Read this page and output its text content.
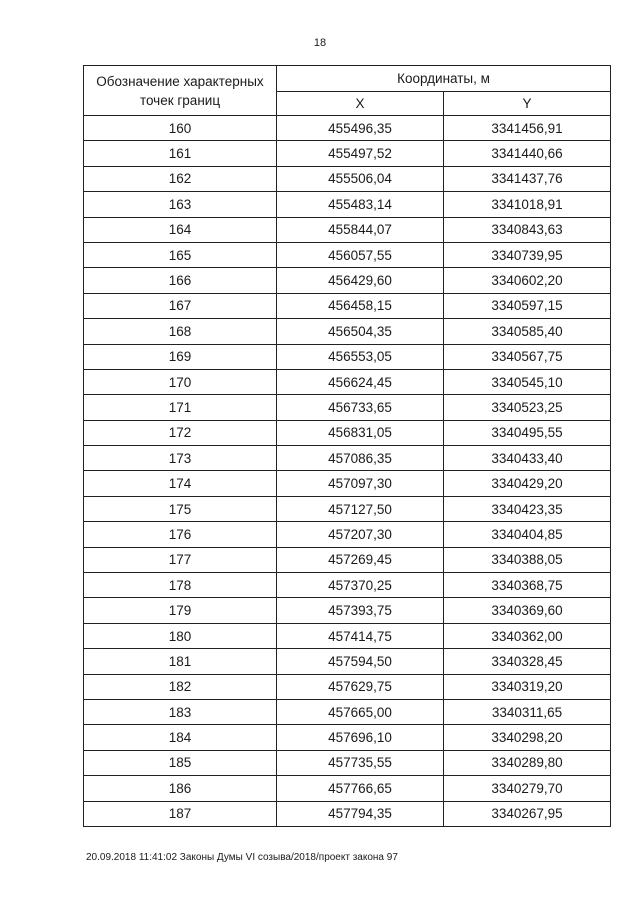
18
Обозначение характерных точек границ	Координаты, м	
	X	Y
160	455496,35	3341456,91
161	455497,52	3341440,66
162	455506,04	3341437,76
163	455483,14	3341018,91
164	455844,07	3340843,63
165	456057,55	3340739,95
166	456429,60	3340602,20
167	456458,15	3340597,15
168	456504,35	3340585,40
169	456553,05	3340567,75
170	456624,45	3340545,10
171	456733,65	3340523,25
172	456831,05	3340495,55
173	457086,35	3340433,40
174	457097,30	3340429,20
175	457127,50	3340423,35
176	457207,30	3340404,85
177	457269,45	3340388,05
178	457370,25	3340368,75
179	457393,75	3340369,60
180	457414,75	3340362,00
181	457594,50	3340328,45
182	457629,75	3340319,20
183	457665,00	3340311,65
184	457696,10	3340298,20
185	457735,55	3340289,80
186	457766,65	3340279,70
187	457794,35	3340267,95
20.09.2018 11:41:02 Законы Думы VI созыва/2018/проект закона 97
